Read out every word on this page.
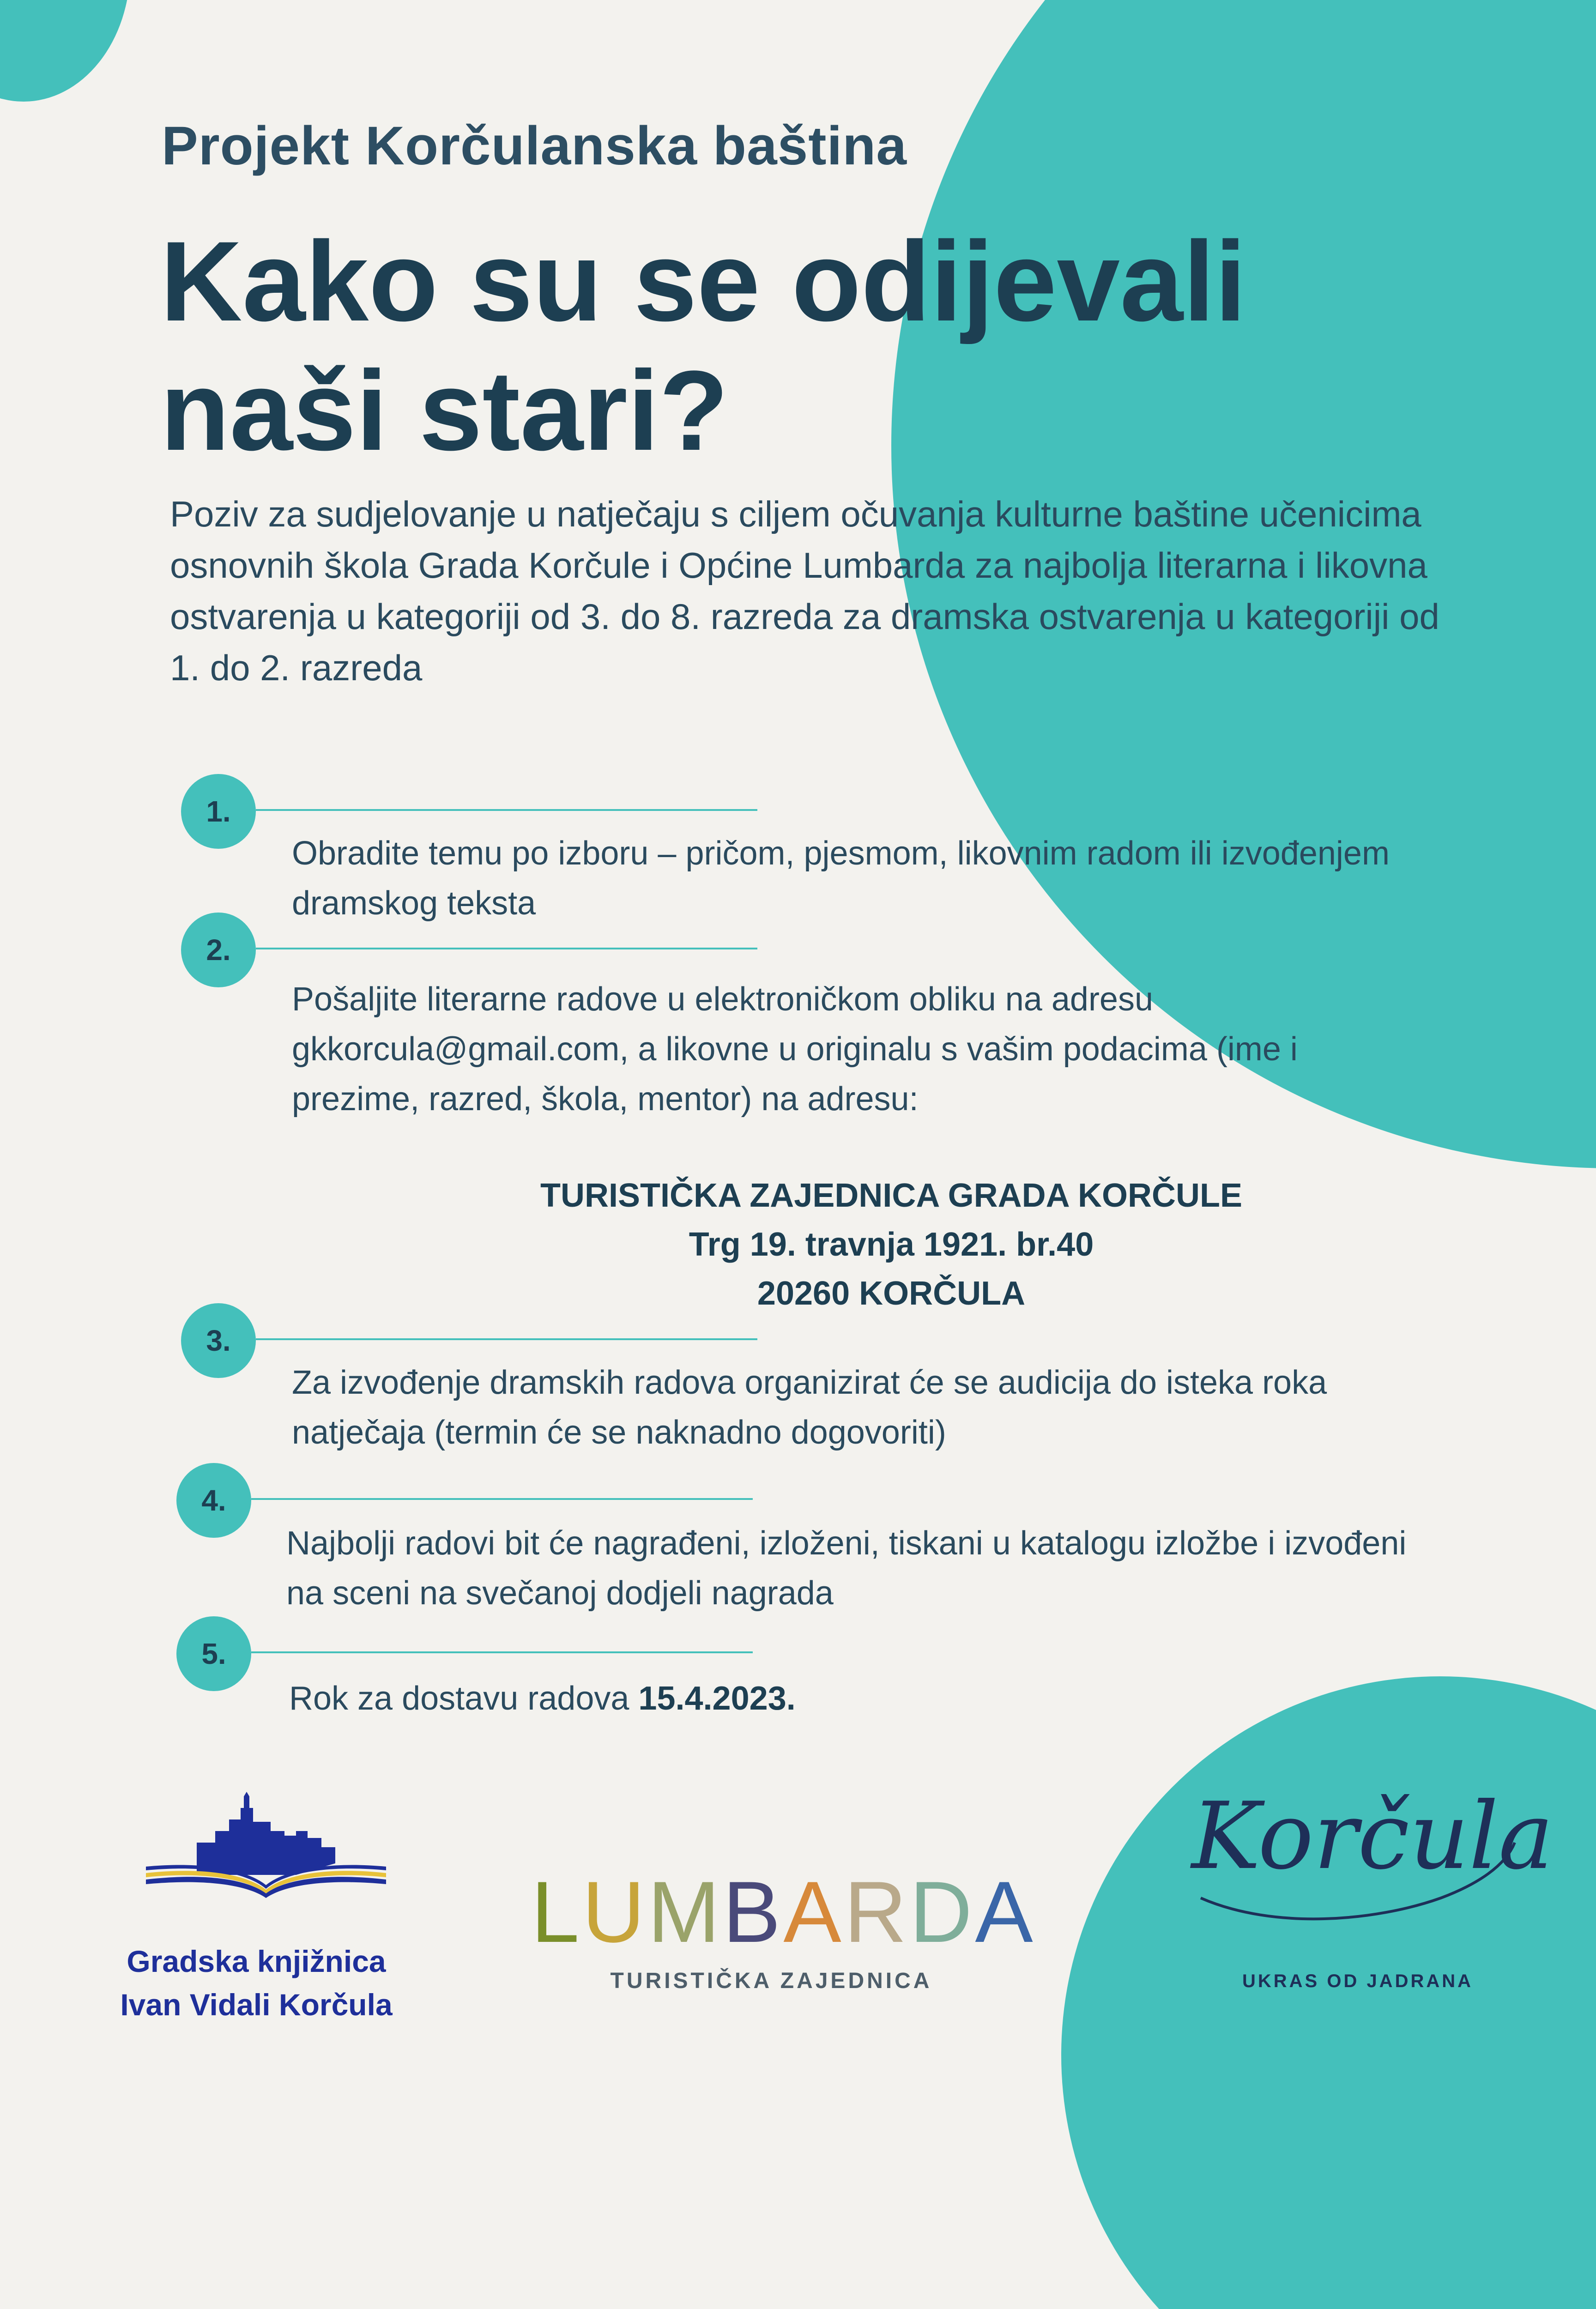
Projekt Korčulanska baština
Kako su se odijevali
naši stari?
Poziv za sudjelovanje u natječaju s ciljem očuvanja kulturne baštine učenicima osnovnih škola Grada Korčule i Općine Lumbarda za najbolja literarna i likovna ostvarenja u kategoriji od 3. do 8. razreda za dramska ostvarenja u kategoriji od 1. do 2. razreda
1.
Obradite temu po izboru – pričom, pjesmom, likovnim radom ili izvođenjem dramskog teksta
2.
Pošaljite literarne radove u elektroničkom obliku na adresu gkkorcula@gmail.com, a likovne u originalu s vašim podacima (ime i prezime, razred, škola, mentor) na adresu:
TURISTIČKA ZAJEDNICA GRADA KORČULE
Trg 19. travnja 1921. br.40
20260 KORČULA
3.
Za izvođenje dramskih radova organizirat će se audicija do isteka roka natječaja (termin će se naknadno dogovoriti)
4.
Najbolji radovi bit će nagrađeni, izloženi, tiskani u katalogu izložbe i izvođeni na sceni na svečanoj dodjeli nagrada
5.
Rok za dostavu radova 15.4.2023.
Gradska knjižnica
Ivan Vidali Korčula
LUMBARDA
TURISTIČKA ZAJEDNICA
Korčula
UKRAS OD JADRANA
